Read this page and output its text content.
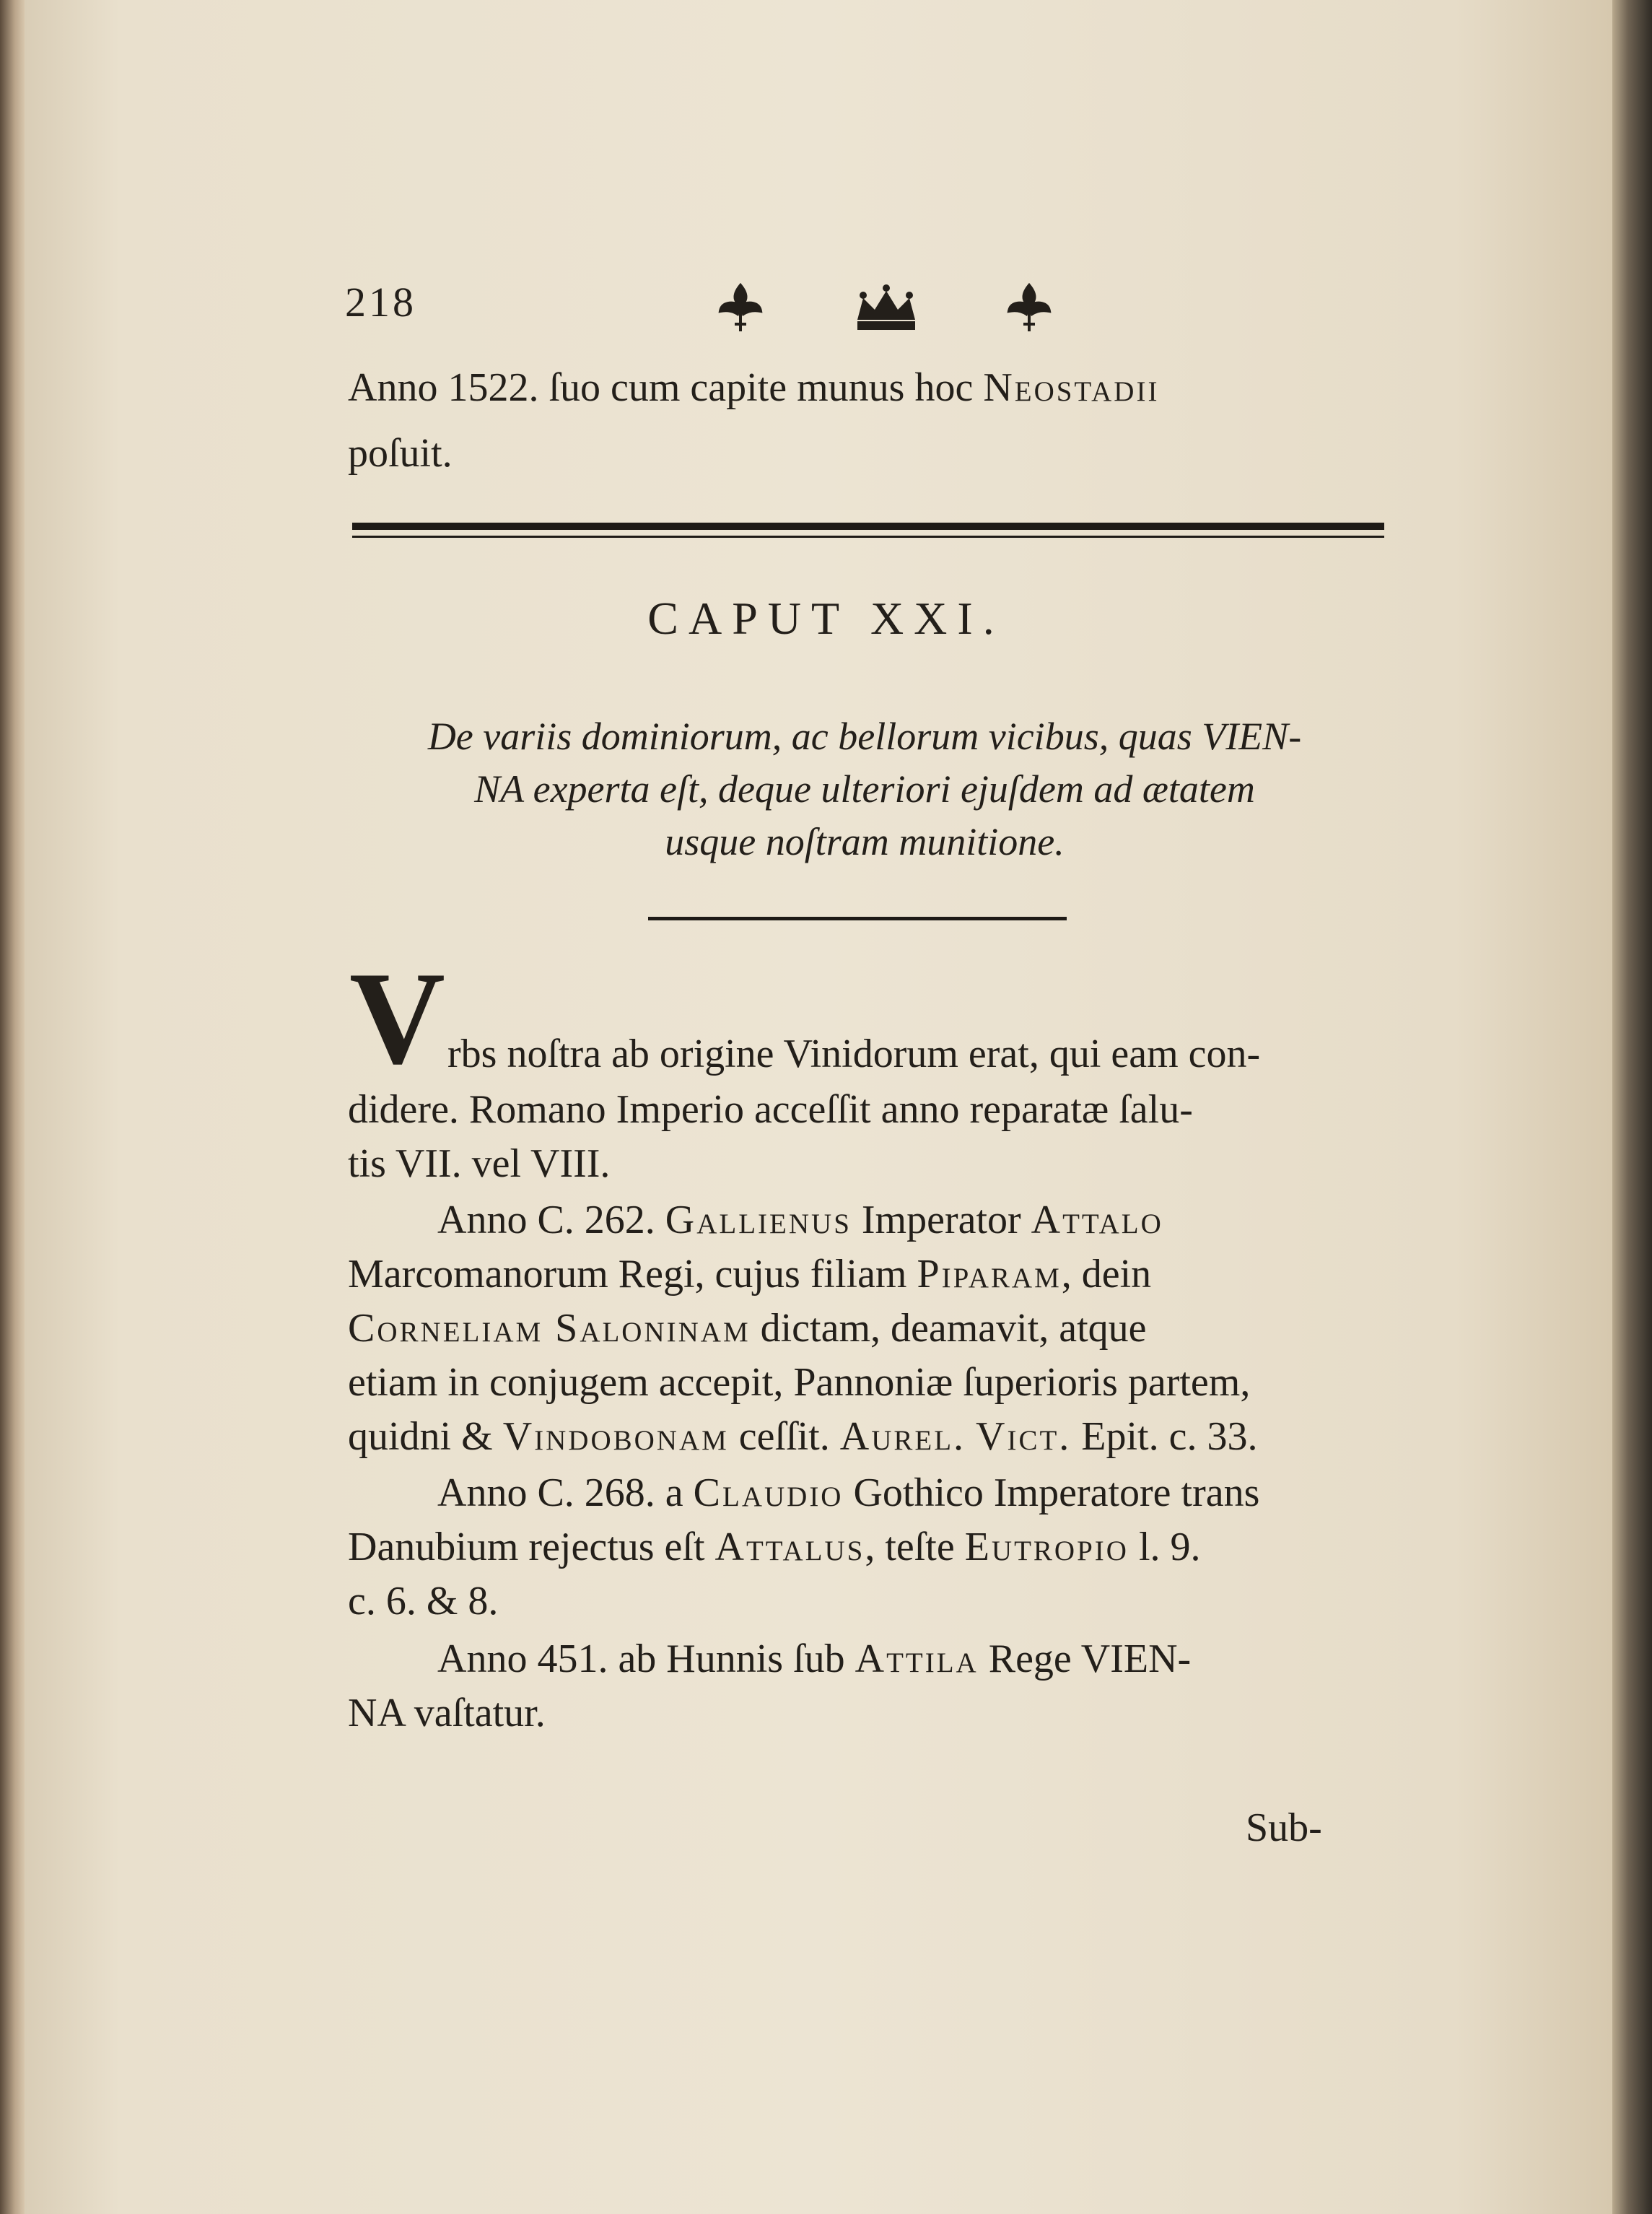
218
Anno 1522. ſuo cum capite munus hoc Neostadii
poſuit.
CAPUT XXI.
De variis dominiorum, ac bellorum vicibus, quas VIEN-
NA experta eſt, deque ulteriori ejuſdem ad ætatem
usque noſtram munitione.
V rbs noſtra ab origine Vinidorum erat, qui eam con-
didere. Romano Imperio acceſſit anno reparatæ ſalu-
tis VII. vel VIII.
Anno C. 262. Gallienus Imperator Attalo
Marcomanorum Regi, cujus filiam Piparam, dein
Corneliam Saloninam dictam, deamavit, atque
etiam in conjugem accepit, Pannoniæ ſuperioris partem,
quidni & Vindobonam ceſſit. Aurel. Vict. Epit. c. 33.
Anno C. 268. a Claudio Gothico Imperatore trans
Danubium rejectus eſt Attalus, teſte Eutropio l. 9.
c. 6. & 8.
Anno 451. ab Hunnis ſub Attila Rege VIEN-
NA vaſtatur.
Sub-
